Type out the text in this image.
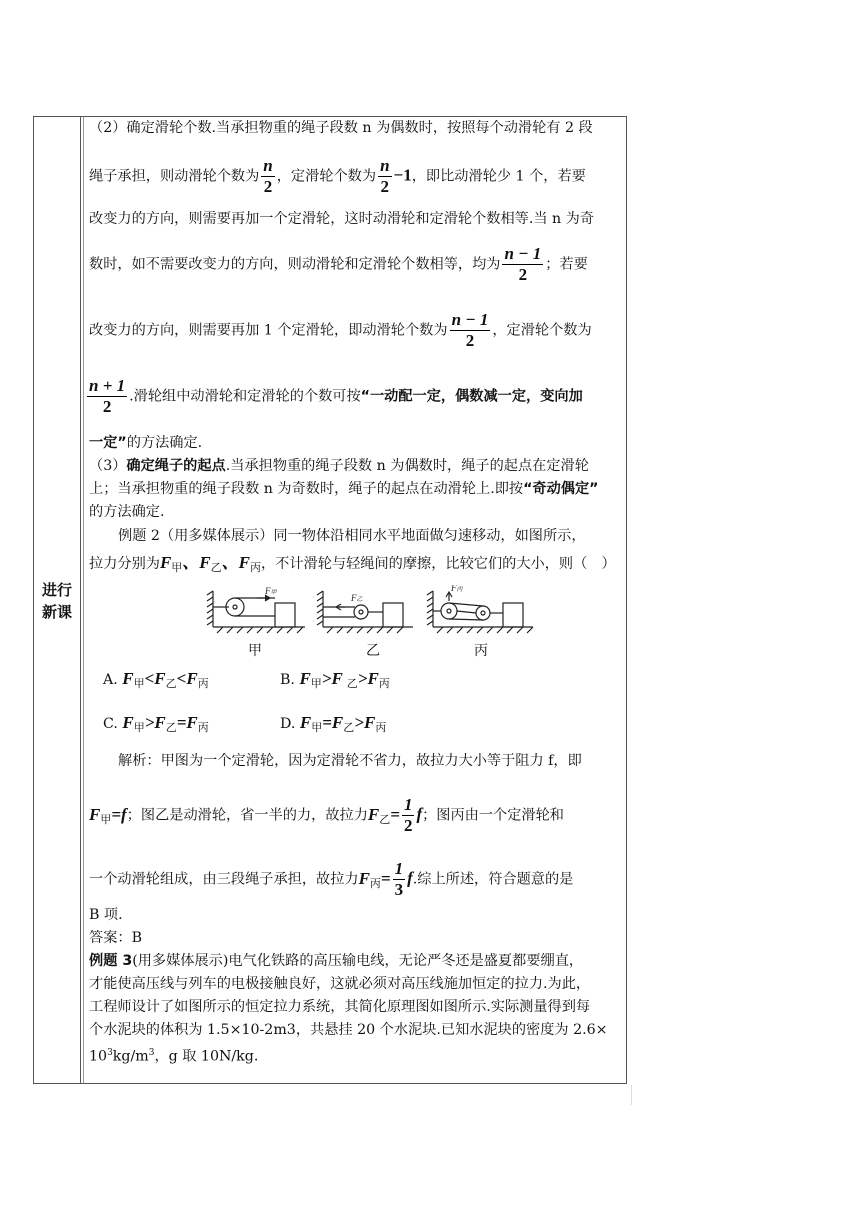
进行
新课
（2）确定滑轮个数.当承担物重的绳子段数 n 为偶数时，按照每个动滑轮有 2 段
绳子承担，则动滑轮个数为 $\frac{n}{2}$ ，定滑轮个数为 $\frac{n}{2} -1$，即比动滑轮少 1 个，若要
改变力的方向，则需要再加一个定滑轮，这时动滑轮和定滑轮个数相等.当 n 为奇
数时，如不需要改变力的方向，则动滑轮和定滑轮个数相等，均为 $\frac{n - 1}{2}$ ；若要
改变力的方向，则需要再加 1 个定滑轮，即动滑轮个数为 $\frac{n - 1}{2}$ ，定滑轮个数为
$\frac{n + 1}{2}$ .滑轮组中动滑轮和定滑轮的个数可按“一动配一定，偶数减一定，变向加
一定”的方法确定.
（3）确定绳子的起点.当承担物重的绳子段数 n 为偶数时，绳子的起点在定滑轮
上；当承担物重的绳子段数 n 为奇数时，绳子的起点在动滑轮上.即按“奇动偶定”
的方法确定.
例题 2（用多媒体展示）同一物体沿相同水平地面做匀速移动，如图所示，
拉力分别为$F_甲$、$F_乙$、$F_丙$，不计滑轮与轻绳间的摩擦，比较它们的大小，则（　）
F甲	F乙
F丙
甲	乙	丙
A. $F_甲<F_乙<F_丙$	B. $F_甲>F$ $_乙>F_丙$
C. $F_甲>F_乙=F_丙$	D. $F_甲=F_乙>F_丙$
解析：甲图为一个定滑轮，因为定滑轮不省力，故拉力大小等于阻力 f，即
$F_甲=f$；图乙是动滑轮，省一半的力，故拉力$F_乙= \frac{1}{2}$ f；图丙由一个定滑轮和
一个动滑轮组成，由三段绳子承担，故拉力$F_丙= \frac{1}{3} f$.综上所述，符合题意的是
B 项.
答案：B
例题 3(用多媒体展示)电气化铁路的高压输电线，无论严冬还是盛夏都要绷直，
才能使高压线与列车的电极接触良好，这就必须对高压线施加恒定的拉力.为此，
工程师设计了如图所示的恒定拉力系统，其简化原理图如图所示.实际测量得到每
个水泥块的体积为 1.5×10-2m3，共悬挂 20 个水泥块.已知水泥块的密度为 2.6×
$10^3kg/m^3$，g 取 10N/kg.
